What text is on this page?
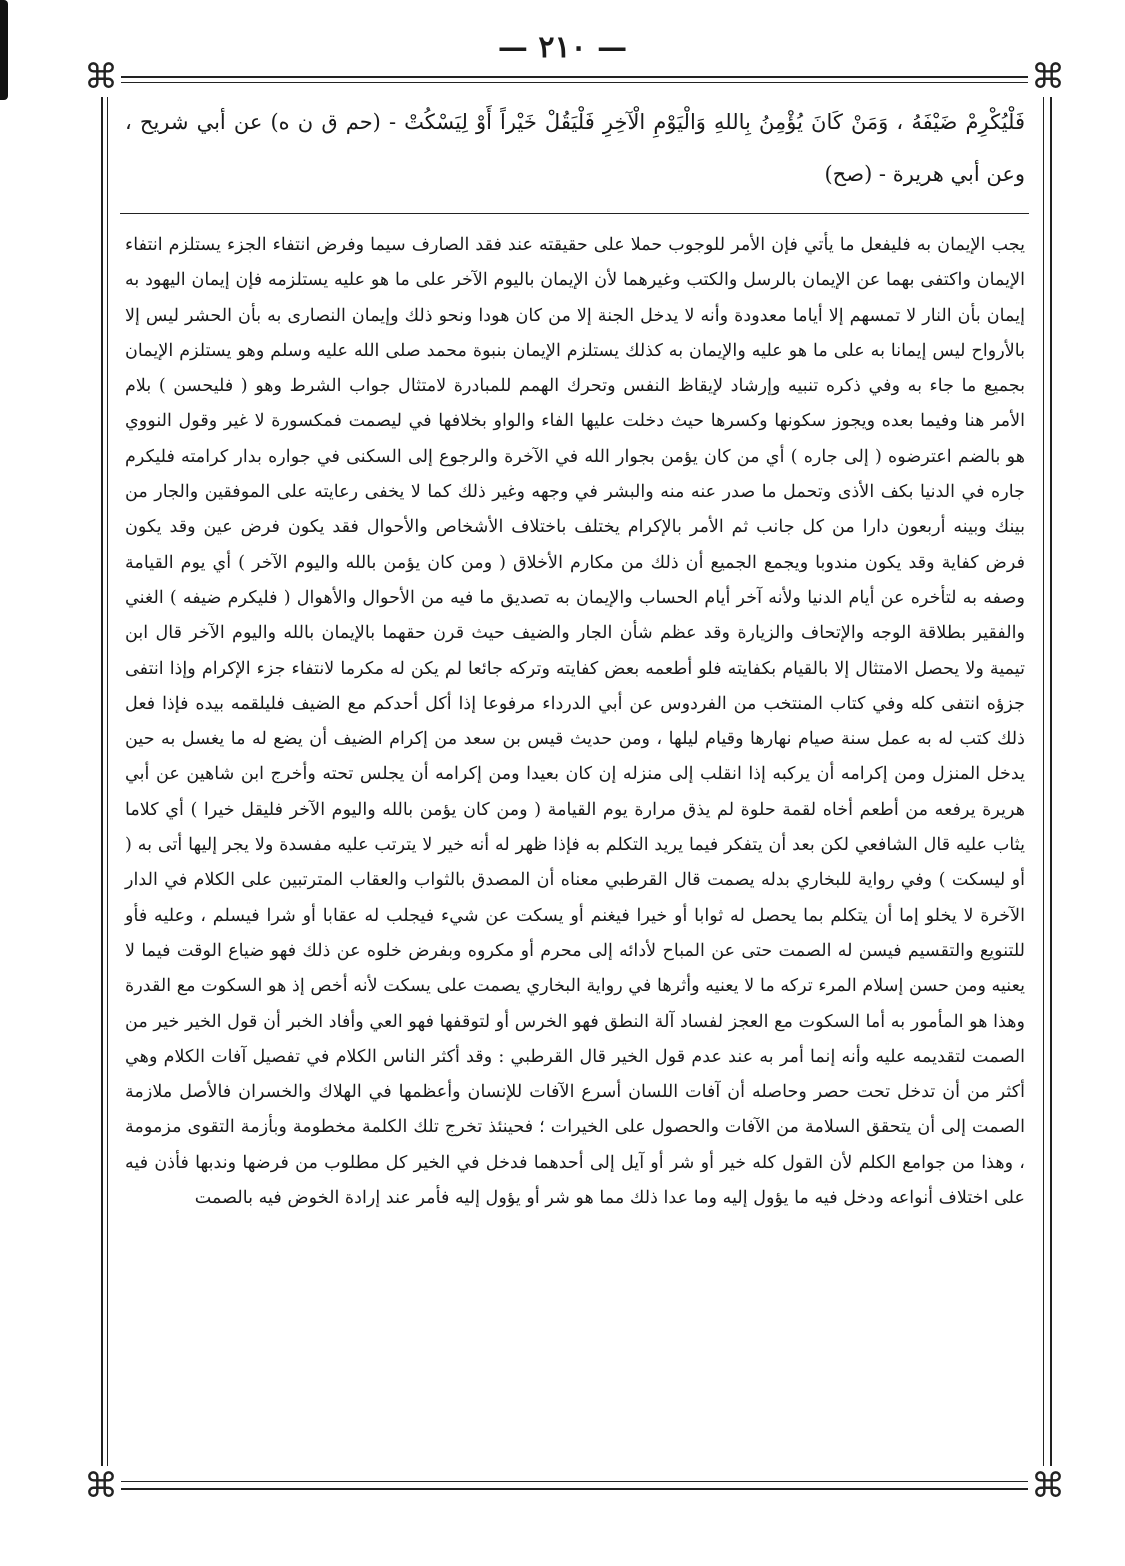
— ٢١٠ —
⌘	⌘
⌘	⌘

فَلْيُكْرِمْ ضَيْفَهُ ، وَمَنْ كَانَ يُؤْمِنُ بِاللهِ وَالْيَوْمِ الْآخِرِ فَلْيَقُلْ خَيْراً أَوْ لِيَسْكُتْ - (حم ق ن ه) عن أبي شريح ، وعن أبي هريرة - (صح)

يجب الإيمان به فليفعل ما يأتي فإن الأمر للوجوب حملا على حقيقته عند فقد الصارف سيما وفرض انتفاء الجزء يستلزم انتفاء الإيمان واكتفى بهما عن الإيمان بالرسل والكتب وغيرهما لأن الإيمان باليوم الآخر على ما هو عليه يستلزمه فإن إيمان اليهود به إيمان بأن النار لا تمسهم إلا أياما معدودة وأنه لا يدخل الجنة إلا من كان هودا ونحو ذلك وإيمان النصارى به بأن الحشر ليس إلا بالأرواح ليس إيمانا به على ما هو عليه والإيمان به كذلك يستلزم الإيمان بنبوة محمد صلى الله عليه وسلم وهو يستلزم الإيمان بجميع ما جاء به وفي ذكره تنبيه وإرشاد لإيقاظ النفس وتحرك الهمم للمبادرة لامتثال جواب الشرط وهو ( فليحسن ) بلام الأمر هنا وفيما بعده ويجوز سكونها وكسرها حيث دخلت عليها الفاء والواو بخلافها في ليصمت فمكسورة لا غير وقول النووي هو بالضم اعترضوه ( إلى جاره ) أي من كان يؤمن بجوار الله في الآخرة والرجوع إلى السكنى في جواره بدار كرامته فليكرم جاره في الدنيا بكف الأذى وتحمل ما صدر عنه منه والبشر في وجهه وغير ذلك كما لا يخفى رعايته على الموفقين والجار من بينك وبينه أربعون دارا من كل جانب ثم الأمر بالإكرام يختلف باختلاف الأشخاص والأحوال فقد يكون فرض عين وقد يكون فرض كفاية وقد يكون مندوبا ويجمع الجميع أن ذلك من مكارم الأخلاق ( ومن كان يؤمن بالله واليوم الآخر ) أي يوم القيامة وصفه به لتأخره عن أيام الدنيا ولأنه آخر أيام الحساب والإيمان به تصديق ما فيه من الأحوال والأهوال ( فليكرم ضيفه ) الغني والفقير بطلاقة الوجه والإتحاف والزيارة وقد عظم شأن الجار والضيف حيث قرن حقهما بالإيمان بالله واليوم الآخر قال ابن تيمية ولا يحصل الامتثال إلا بالقيام بكفايته فلو أطعمه بعض كفايته وتركه جائعا لم يكن له مكرما لانتفاء جزء الإكرام وإذا انتفى جزؤه انتفى كله وفي كتاب المنتخب من الفردوس عن أبي الدرداء مرفوعا إذا أكل أحدكم مع الضيف فليلقمه بيده فإذا فعل ذلك كتب له به عمل سنة صيام نهارها وقيام ليلها ، ومن حديث قيس بن سعد من إكرام الضيف أن يضع له ما يغسل به حين يدخل المنزل ومن إكرامه أن يركبه إذا انقلب إلى منزله إن كان بعيدا ومن إكرامه أن يجلس تحته وأخرج ابن شاهين عن أبي هريرة يرفعه من أطعم أخاه لقمة حلوة لم يذق مرارة يوم القيامة ( ومن كان يؤمن بالله واليوم الآخر فليقل خيرا ) أي كلاما يثاب عليه قال الشافعي لكن بعد أن يتفكر فيما يريد التكلم به فإذا ظهر له أنه خير لا يترتب عليه مفسدة ولا يجر إليها أتى به ( أو ليسكت ) وفي رواية للبخاري بدله يصمت قال القرطبي معناه أن المصدق بالثواب والعقاب المترتبين على الكلام في الدار الآخرة لا يخلو إما أن يتكلم بما يحصل له ثوابا أو خيرا فيغنم أو يسكت عن شيء فيجلب له عقابا أو شرا فيسلم ، وعليه فأو للتنويع والتقسيم فيسن له الصمت حتى عن المباح لأدائه إلى محرم أو مكروه وبفرض خلوه عن ذلك فهو ضياع الوقت فيما لا يعنيه ومن حسن إسلام المرء تركه ما لا يعنيه وأثرها في رواية البخاري يصمت على يسكت لأنه أخص إذ هو السكوت مع القدرة وهذا هو المأمور به أما السكوت مع العجز لفساد آلة النطق فهو الخرس أو لتوقفها فهو العي وأفاد الخبر أن قول الخير خير من الصمت لتقديمه عليه وأنه إنما أمر به عند عدم قول الخير قال القرطبي : وقد أكثر الناس الكلام في تفصيل آفات الكلام وهي أكثر من أن تدخل تحت حصر وحاصله أن آفات اللسان أسرع الآفات للإنسان وأعظمها في الهلاك والخسران فالأصل ملازمة الصمت إلى أن يتحقق السلامة من الآفات والحصول على الخيرات ؛ فحينئذ تخرج تلك الكلمة مخطومة وبأزمة التقوى مزمومة ، وهذا من جوامع الكلم لأن القول كله خير أو شر أو آيل إلى أحدهما فدخل في الخير كل مطلوب من فرضها وندبها فأذن فيه على اختلاف أنواعه ودخل فيه ما يؤول إليه وما عدا ذلك مما هو شر أو يؤول إليه فأمر عند إرادة الخوض فيه بالصمت
